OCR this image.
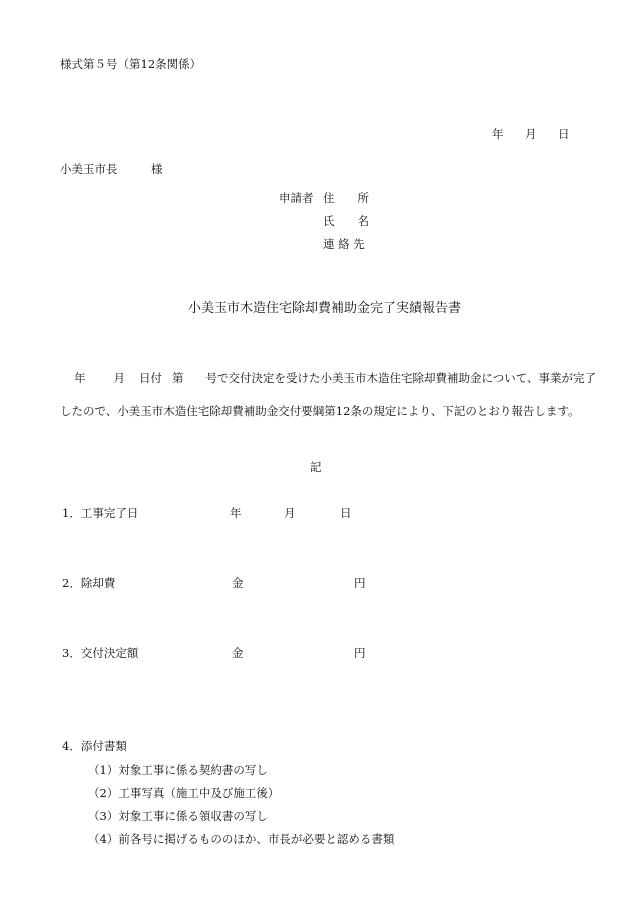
様式第５号（第12条関係）
年 月 日
小美玉市長	様
申請者 住　　所
氏　　名
連 絡 先
小美玉市木造住宅除却費補助金完了実績報告書
年 月 日付 第 号で交付決定を受けた小美玉市木造住宅除却費補助金について、事業が完了
したので、小美玉市木造住宅除却費補助金交付要綱第12条の規定により、下記のとおり報告します。
記
1．工事完了日	年	月	日
2．除却費	金	円
3．交付決定額	金	円
4．添付書類
（1）対象工事に係る契約書の写し
（2）工事写真（施工中及び施工後）
（3）対象工事に係る領収書の写し
（4）前各号に掲げるもののほか、市長が必要と認める書類
